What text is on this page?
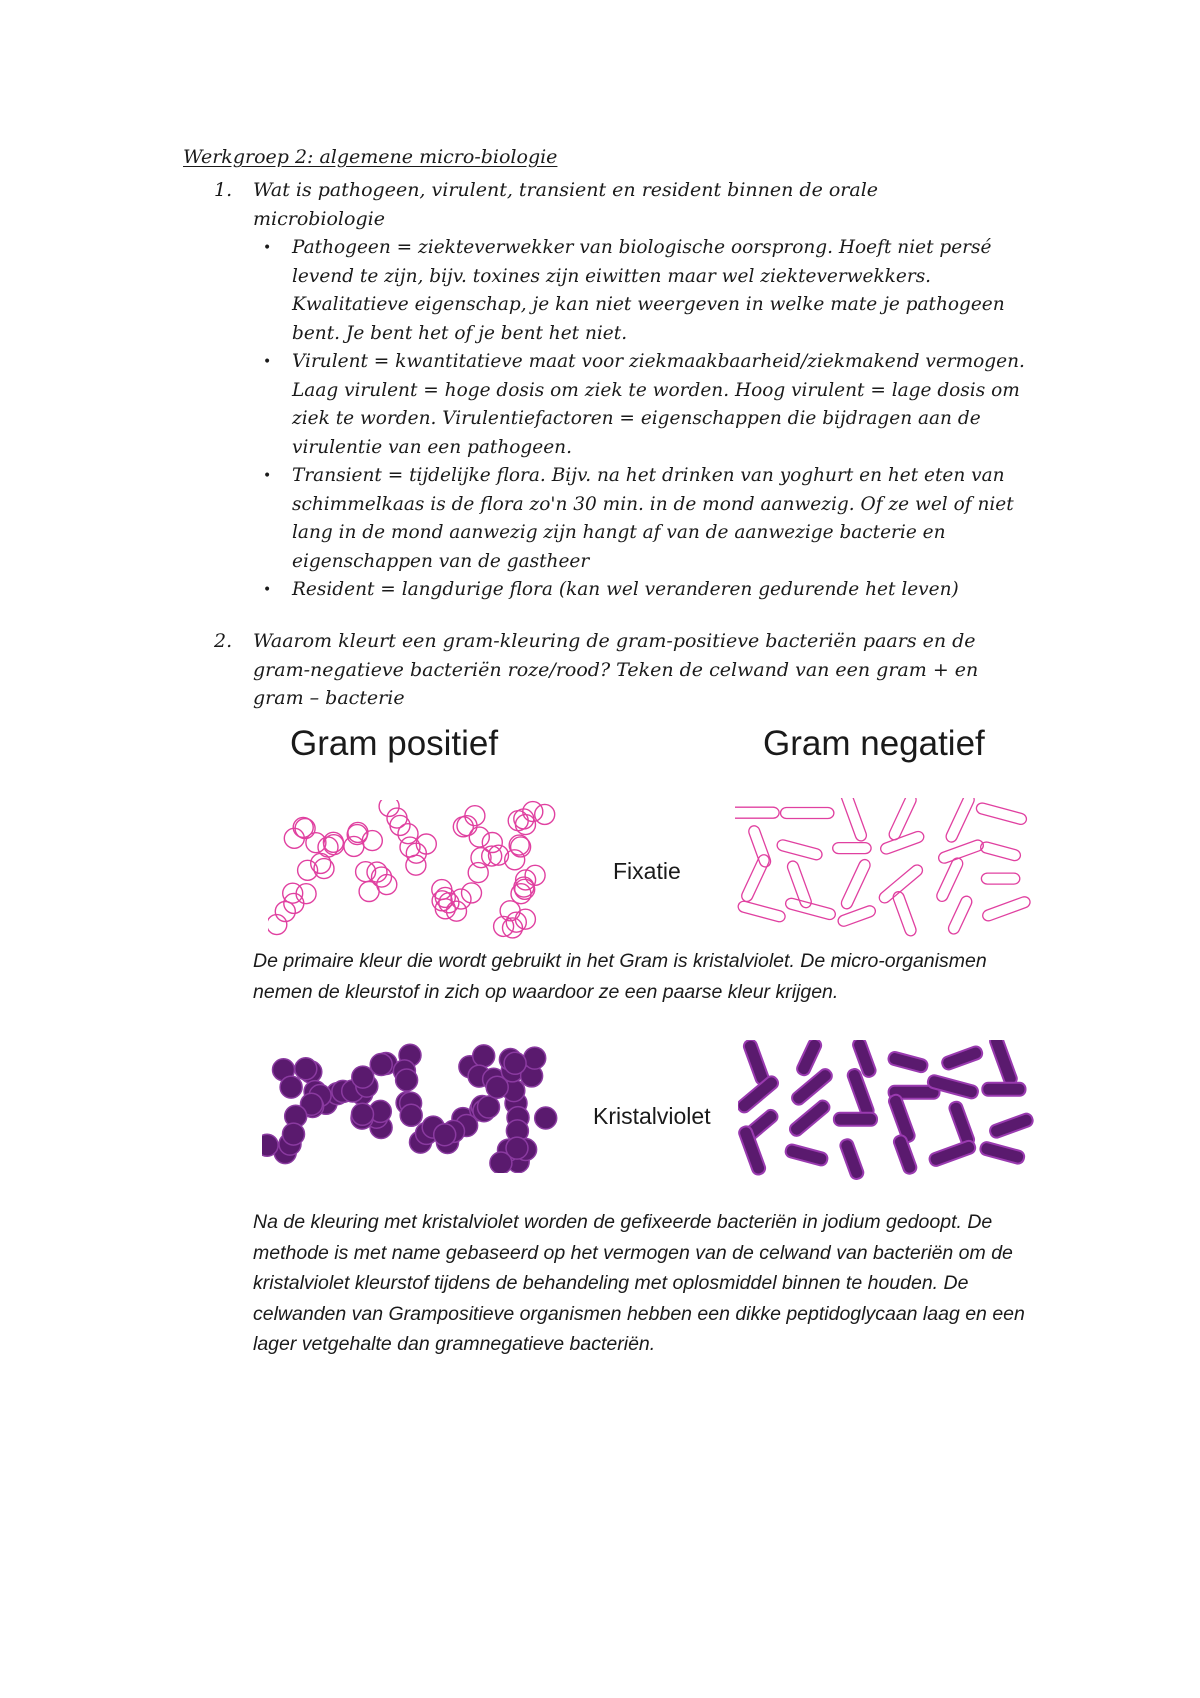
Werkgroep 2: algemene micro-biologie
1. Wat is pathogeen, virulent, transient en resident binnen de orale microbiologie

• Pathogeen = ziekteverwekker van biologische oorsprong. Hoeft niet persé levend te zijn, bijv. toxines zijn eiwitten maar wel ziekteverwekkers. Kwalitatieve eigenschap, je kan niet weergeven in welke mate je pathogeen bent. Je bent het of je bent het niet.

• Virulent = kwantitatieve maat voor ziekmaakbaarheid/ziekmakend vermogen. Laag virulent = hoge dosis om ziek te worden. Hoog virulent = lage dosis om ziek te worden. Virulentiefactoren = eigenschappen die bijdragen aan de virulentie van een pathogeen.

• Transient = tijdelijke flora. Bijv. na het drinken van yoghurt en het eten van schimmelkaas is de flora zo'n 30 min. in de mond aanwezig. Of ze wel of niet lang in de mond aanwezig zijn hangt af van de aanwezige bacterie en eigenschappen van de gastheer

• Resident = langdurige flora (kan wel veranderen gedurende het leven)

2. Waarom kleurt een gram-kleuring de gram-positieve bacteriën paars en de gram-negatieve bacteriën roze/rood? Teken de celwand van een gram + en gram – bacterie
Gram positief	Gram negatief
Fixatie
De primaire kleur die wordt gebruikt in het Gram is kristalviolet. De micro-organismen nemen de kleurstof in zich op waardoor ze een paarse kleur krijgen.
Kristalviolet
Na de kleuring met kristalviolet worden de gefixeerde bacteriën in jodium gedoopt. De methode is met name gebaseerd op het vermogen van de celwand van bacteriën om de kristalviolet kleurstof tijdens de behandeling met oplosmiddel binnen te houden. De celwanden van Grampositieve organismen hebben een dikke peptidoglycaan laag en een lager vetgehalte dan gramnegatieve bacteriën.
